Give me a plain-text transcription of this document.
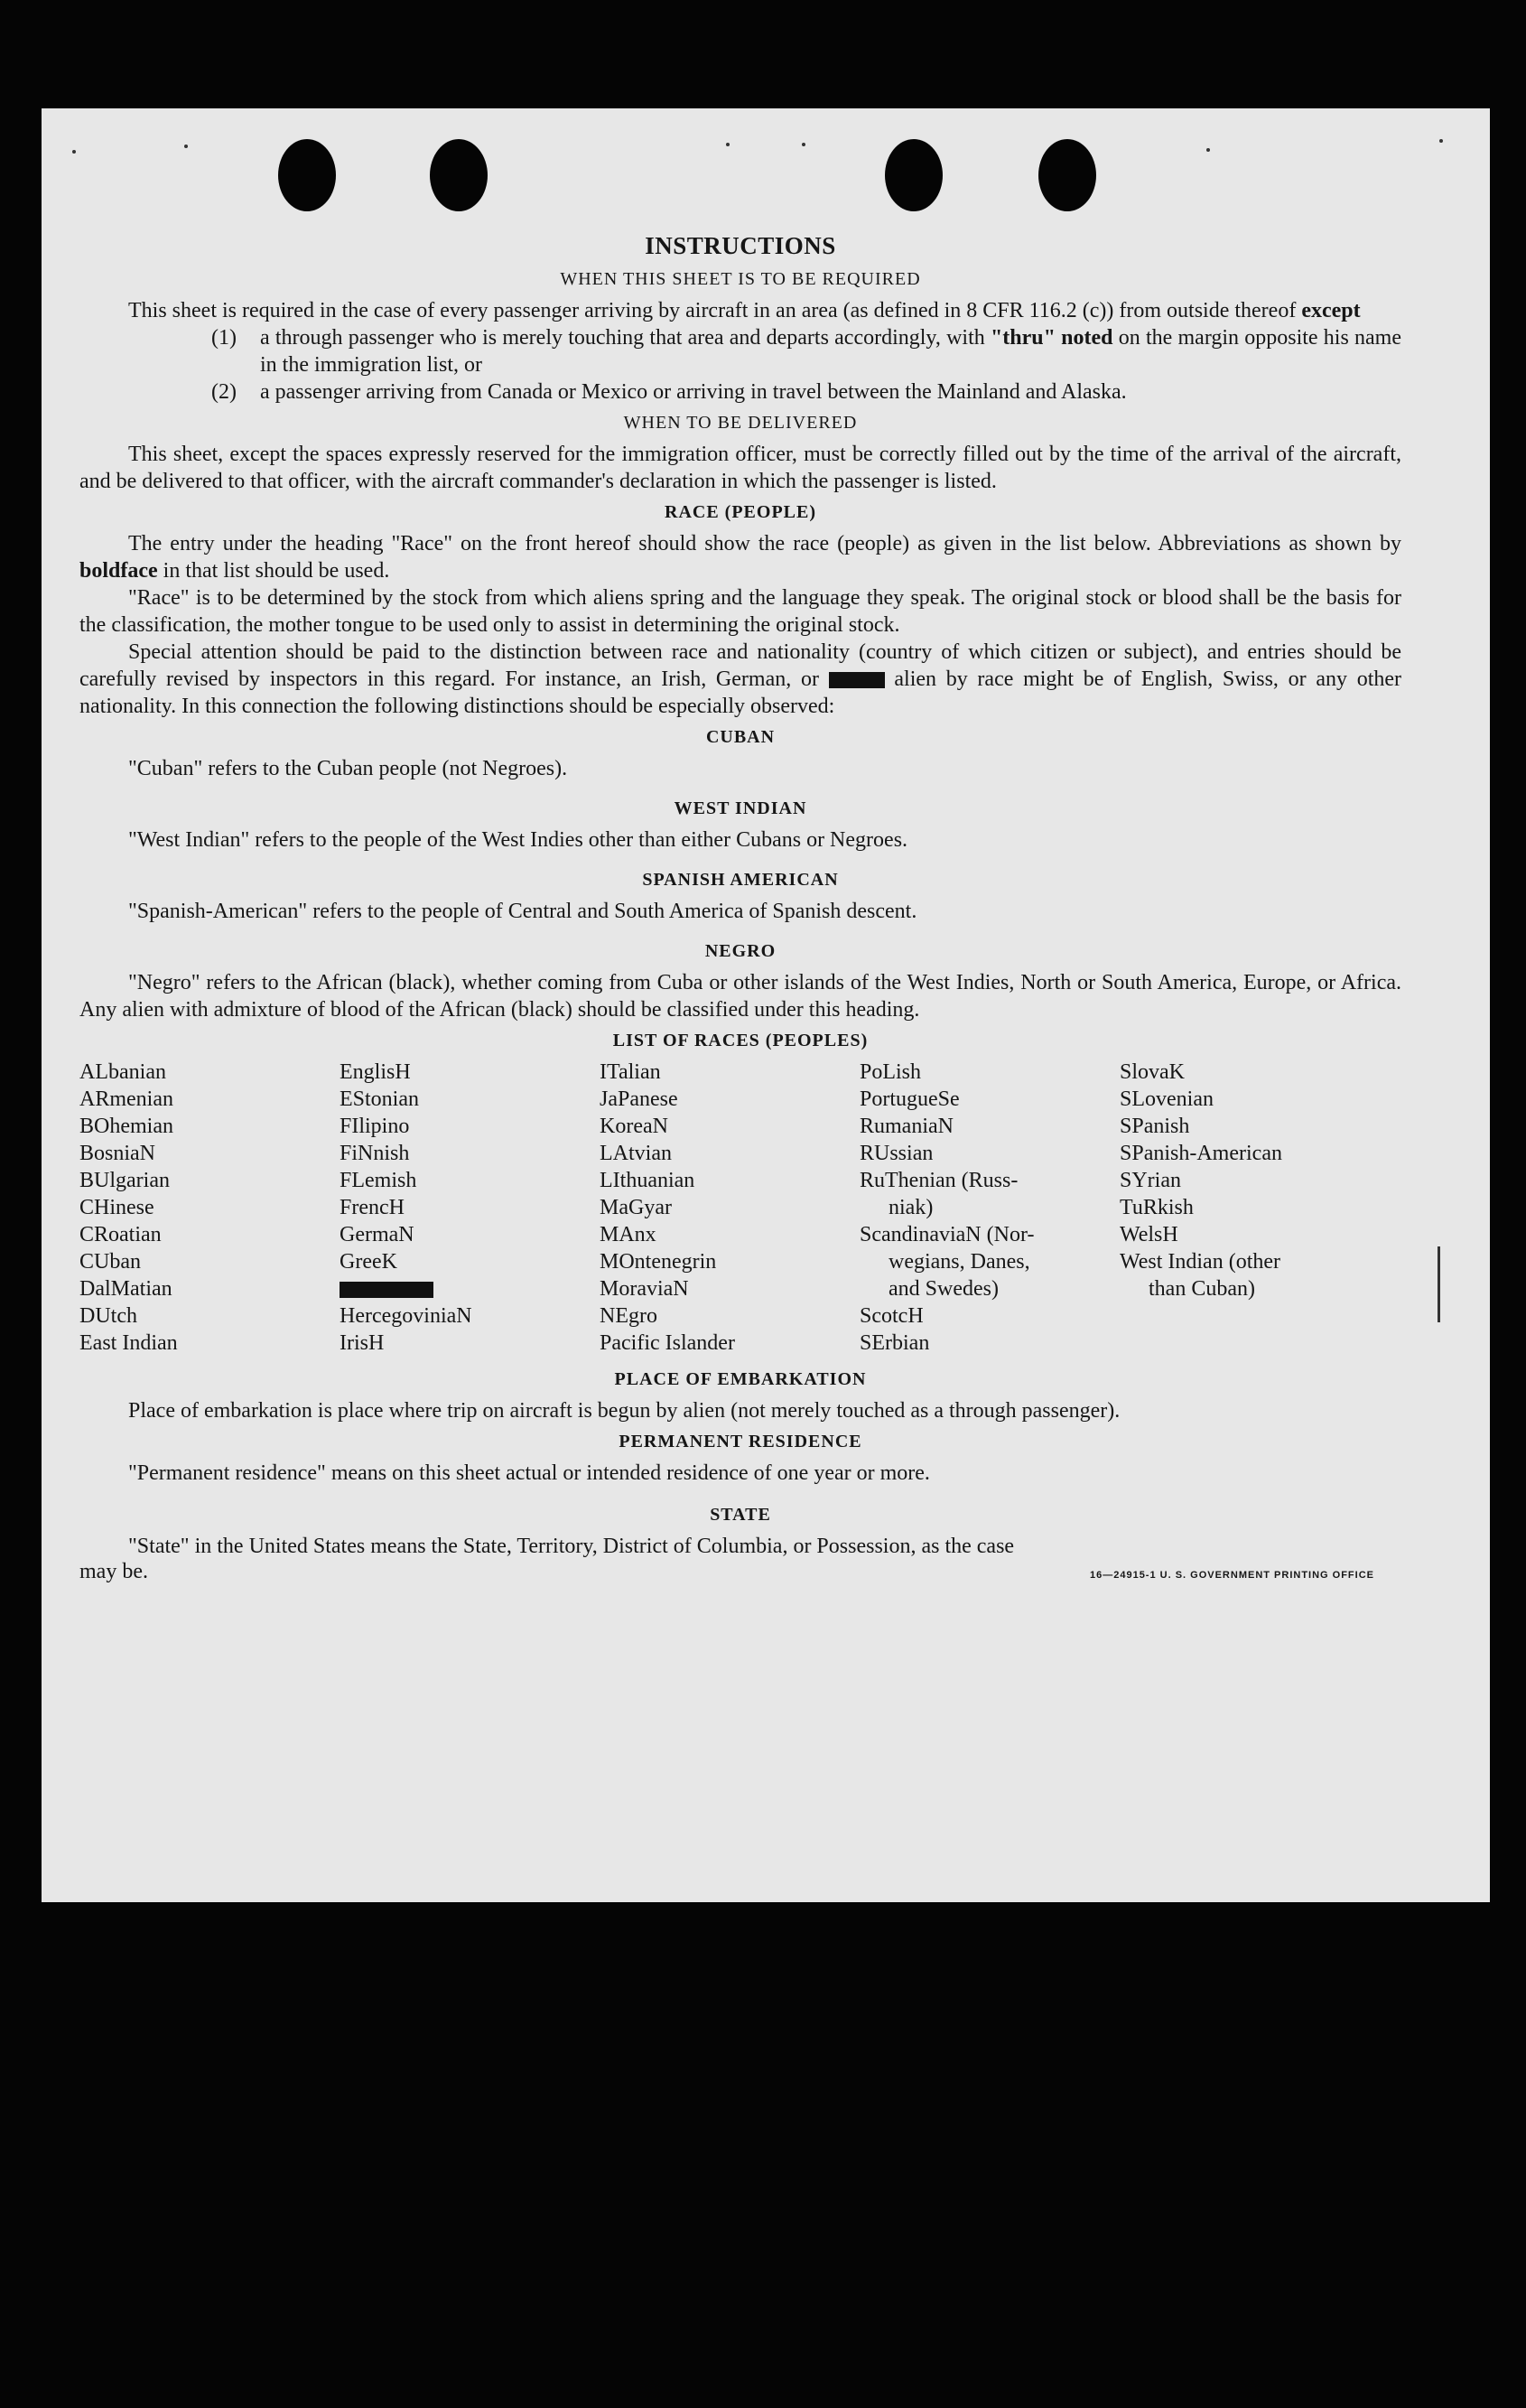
INSTRUCTIONS
WHEN THIS SHEET IS TO BE REQUIRED

This sheet is required in the case of every passenger arriving by aircraft in an area (as defined in 8 CFR 116.2 (c)) from outside thereof except

(1) a through passenger who is merely touching that area and departs accordingly, with "thru" noted on the margin opposite his name in the immigration list, or

(2) a passenger arriving from Canada or Mexico or arriving in travel between the Mainland and Alaska.

WHEN TO BE DELIVERED

This sheet, except the spaces expressly reserved for the immigration officer, must be correctly filled out by the time of the arrival of the aircraft, and be delivered to that officer, with the aircraft commander's declaration in which the passenger is listed.

RACE (PEOPLE)

The entry under the heading "Race" on the front hereof should show the race (people) as given in the list below. Abbreviations as shown by boldface in that list should be used.

"Race" is to be determined by the stock from which aliens spring and the language they speak. The original stock or blood shall be the basis for the classification, the mother tongue to be used only to assist in determining the original stock.

Special attention should be paid to the distinction between race and nationality (country of which citizen or subject), and entries should be carefully revised by inspectors in this regard. For instance, an Irish, German, or	alien by race might be of English, Swiss, or any other nationality. In this connection the following distinctions should be especially observed:

CUBAN

"Cuban" refers to the Cuban people (not Negroes).

WEST INDIAN

"West Indian" refers to the people of the West Indies other than either Cubans or Negroes.

SPANISH AMERICAN

"Spanish-American" refers to the people of Central and South America of Spanish descent.

NEGRO

"Negro" refers to the African (black), whether coming from Cuba or other islands of the West Indies, North or South America, Europe, or Africa. Any alien with admixture of blood of the African (black) should be classified under this heading.

LIST OF RACES (PEOPLES)
ALbanian
ARmenian
BOhemian
BosniaN
BUlgarian
CHinese
CRoatian
CUban
DalMatian
DUtch
East Indian
EnglisH
EStonian
FIlipino
FiNnish
FLemish
FrencH
GermaN
GreeK
HercegoviniaN
IrisH
ITalian
JaPanese
KoreaN
LAtvian
LIthuanian
MaGyar
MAnx
MOntenegrin
MoraviaN
NEgro
Pacific Islander
PoLish
PortugueSe
RumaniaN
RUssian
RuThenian (Russ-
niak)
ScandinaviaN (Nor-
wegians, Danes,
and Swedes)
ScotcH
SErbian
SlovaK
SLovenian
SPanish
SPanish-American
SYrian
TuRkish
WelsH
West Indian (other
than Cuban)
PLACE OF EMBARKATION

Place of embarkation is place where trip on aircraft is begun by alien (not merely touched as a through passenger).

PERMANENT RESIDENCE

"Permanent residence" means on this sheet actual or intended residence of one year or more.

STATE

"State" in the United States means the State, Territory, District of Columbia, or Possession, as the case

may be.	16—24915-1 U. S. GOVERNMENT PRINTING OFFICE
